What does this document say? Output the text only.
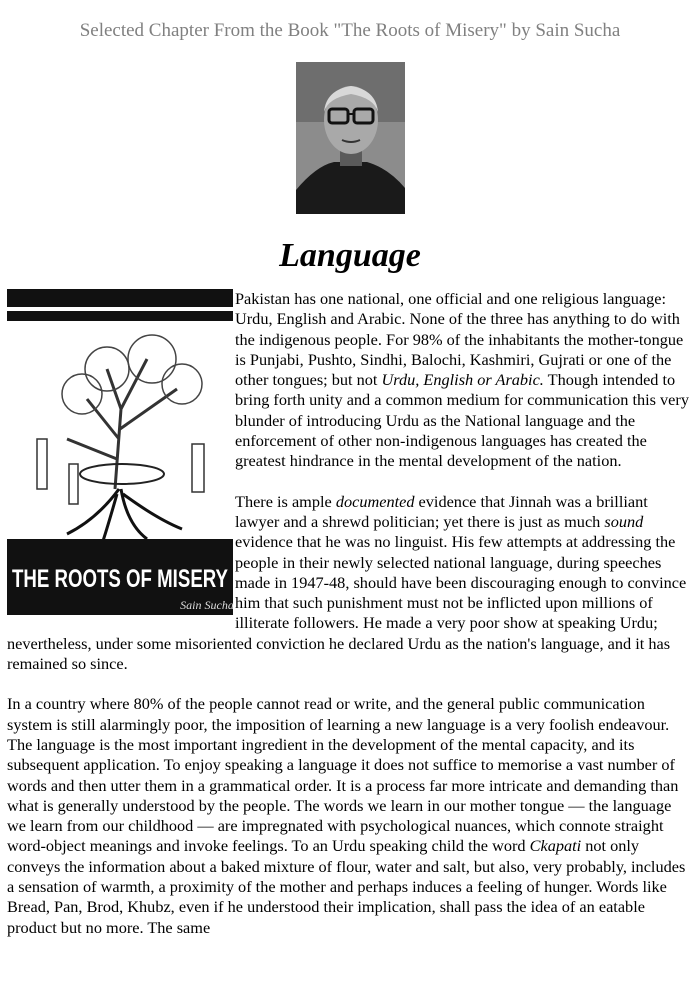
Selected Chapter From the Book "The Roots of Misery" by Sain Sucha
Language
THE ROOTS OF MISERY
Sain Sucha

Pakistan has one national, one official and one religious language: Urdu, English and Arabic. None of the three has anything to do with the indigenous people. For 98% of the inhabitants the mother-tongue is Punjabi, Pushto, Sindhi, Balochi, Kashmiri, Gujrati or one of the other tongues; but not Urdu, English or Arabic. Though intended to bring forth unity and a common medium for communication this very blunder of introducing Urdu as the National language and the enforcement of other non-indigenous languages has created the greatest hindrance in the mental development of the nation.

There is ample documented evidence that Jinnah was a brilliant lawyer and a shrewd politician; yet there is just as much sound evidence that he was no linguist. His few attempts at addressing the people in their newly selected national language, during speeches made in 1947-48, should have been discouraging enough to convince him that such punishment must not be inflicted upon millions of illiterate followers. He made a very poor show at speaking Urdu; nevertheless, under some misoriented conviction he declared Urdu as the nation's language, and it has remained so since.

In a country where 80% of the people cannot read or write, and the general public communication system is still alarmingly poor, the imposition of learning a new language is a very foolish endeavour. The language is the most important ingredient in the development of the mental capacity, and its subsequent application. To enjoy speaking a language it does not suffice to memorise a vast number of words and then utter them in a grammatical order. It is a process far more intricate and demanding than what is generally understood by the people. The words we learn in our mother tongue — the language we learn from our childhood — are impregnated with psychological nuances, which connote straight word-object meanings and invoke feelings. To an Urdu speaking child the word Ckapati not only conveys the information about a baked mixture of flour, water and salt, but also, very probably, includes a sensation of warmth, a proximity of the mother and perhaps induces a feeling of hunger. Words like Bread, Pan, Brod, Khubz, even if he understood their implication, shall pass the idea of an eatable product but no more. The same
